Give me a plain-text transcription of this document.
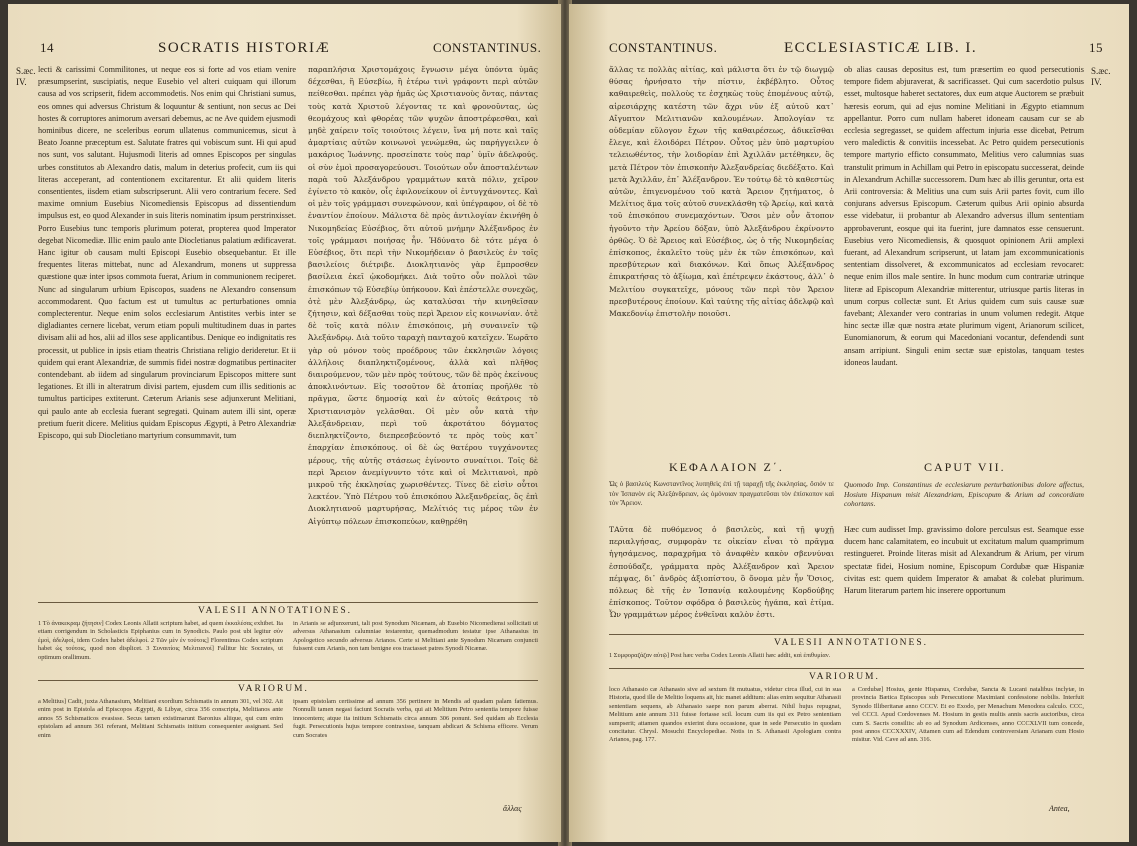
14	SOCRATIS HISTORIÆ	CONSTANTINUS.
S.æc.
IV.

lecti & carissimi Commilitones, ut neque eos si forte ad vos etiam venire præsumpserint, suscipiatis, neque Eusebio vel alteri cuiquam qui illorum causa ad vos scripserit, fidem accommodetis. Nos enim qui Christiani sumus, eos omnes qui adversus Christum & loquuntur & sentiunt, non secus ac Dei hostes & corruptores animorum aversari debemus, ac ne Ave quidem ejusmodi hominibus dicere, ne sceleribus eorum ullatenus communicemus, sicut à Beato Joanne præceptum est. Salutate fratres qui vobiscum sunt. Hi qui apud nos sunt, vos salutant. Hujusmodi literis ad omnes Episcopos per singulas urbes constitutos ab Alexandro datis, malum in deterius profecit, cum iis qui literas acceperant, ad contentionem excitarentur. Et alii quidem literis consentientes, iisdem etiam subscripserunt. Alii vero contrarium fecere. Sed maxime omnium Eusebius Nicomediensis Episcopus ad dissentiendum impulsus est, eo quod Alexander in suis literis nominatim ipsum perstrinxisset. Porro Eusebius tunc temporis plurimum poterat, propterea quod Imperator degebat Nicomediæ. Illic enim paulo ante Diocletianus palatium ædificaverat. Hanc igitur ob causam multi Episcopi Eusebio obsequebantur. Et ille frequentes literas mittebat, nunc ad Alexandrum, monens ut suppressa quæstione quæ inter ipsos commota fuerat, Arium in communionem reciperet. Nunc ad singularum urbium Episcopos, suadens ne Alexandro consensum accommodarent. Quo factum est ut tumultus ac perturbationes omnia complecterentur. Neque enim solos ecclesiarum Antistites verbis inter se digladiantes cernere licebat, verum etiam populi multitudinem duas in partes divisam alii ad hos, alii ad illos sese applicantibus. Denique eo indignitatis res processit, ut publice in ipsis etiam theatris Christiana religio derideretur. Et ii quidem qui erant Alexandriæ, de summis fidei nostræ dogmatibus pertinaciter contendebant. ab iidem ad singularum provinciarum Episcopos mittere sunt legationes. Et illi in alteratrum divisi partem, ejusdem cum illis seditionis ac tumultus participes extiterunt. Cæterum Arianis sese adjunxerunt Melitiani, qui paulo ante ab ecclesia fuerant segregati. Quinam autem illi sint, operæ pretium fuerit dicere. Melitius quidam Episcopus Ægypti, à Petro Alexandriæ Episcopo, qui sub Diocletiano martyrium consummavit, tum

παραπλήσια Χριστομάχοις ἔγνωσιν μέγα ὑπόντα ὑμᾶς δέχεσθαι, ἢ Εὐσεβίω, ἢ ἑτέρω τινὶ γράφοντι περὶ αὐτῶν πείθεσθαι. πρέπει γὰρ ἡμᾶς ὡς Χριστιανοὺς ὄντας, πάντας τοὺς κατὰ Χριστοῦ λέγοντας τε καὶ φρονοῦντας, ὡς θεομάχους καὶ φθορέας τῶν ψυχῶν ἀποστρέφεσθαι, καὶ μηδὲ χαίρειν τοῖς τοιούτοις λέγειν, ἵνα μή ποτε καὶ ταῖς ἁμαρτίαις αὐτῶν κοινωνοὶ γενώμεθα, ὡς παρήγγειλεν ὁ μακάριος Ἰωάννης. προσείπατε τοὺς παρ᾽ ὑμῖν ἀδελφούς. οἱ σὺν ἐμοὶ προσαγορεύουσι. Τοιούτων οὖν ἀποσταλέντων παρὰ τοῦ Ἀλεξάνδρου γραμμάτων κατὰ πόλιν, χεῖρον ἐγίνετο τὸ κακὸν, οἷς ἐφιλονείκουν οἱ ἐντυγχάνοντες. Καὶ οἱ μὲν τοῖς γράμμασι συνεφώνουν, καὶ ὑπέγραφον, οἱ δὲ τὸ ἐναντίον ἐποίουν. Μάλιστα δὲ πρὸς ἀντιλογίαν ἐκινήθη ὁ Νικομηδείας Εὐσέβιος, ὅτι αὐτοῦ μνήμην Ἀλέξανδρος ἐν τοῖς γράμμασι ποιήσας ἦν. Ἠδύνατο δὲ τότε μέγα ὁ Εὐσέβιος, ὅτι περὶ τὴν Νικομήδειαν ὁ βασιλεὺς ἐν τοῖς βασιλείοις διέτριβε. Διοκλητιανὸς γὰρ ἔμπροσθεν βασίλεια ἐκεῖ ᾠκοδομήκει. Διὰ τοῦτο οὖν πολλοὶ τῶν ἐπισκόπων τῷ Εὐσεβίῳ ὑπήκουον. Καὶ ἐπέστελλε συνεχῶς, ὁτὲ μὲν Ἀλεξάνδρῳ, ὡς καταλύσαι τὴν κινηθεῖσαν ζήτησιν, καὶ δέξασθαι τοὺς περὶ Ἄρειον εἰς κοινωνίαν. ὁτὲ δὲ τοῖς κατὰ πόλιν ἐπισκόποις, μὴ συναινεῖν τῷ Ἀλεξάνδρῳ. Διὰ τοῦτο ταραχὴ πανταχοῦ κατεῖχεν. Ἑωρᾶτο γὰρ οὐ μόνον τοὺς προέδρους τῶν ἐκκλησιῶν λόγοις ἀλλήλοις διαπληκτιζομένους, ἀλλὰ καὶ πλῆθος διαιρούμενον, τῶν μὲν πρὸς τούτους, τῶν δὲ πρὸς ἐκείνους ἀποκλινόντων. Εἰς τοσοῦτον δὲ ἀτοπίας προῆλθε τὸ πρᾶγμα, ὥστε δημοσίᾳ καὶ ἐν αὐτοῖς θεάτροις τὸ Χριστιανισμὸν γελᾶσθαι. Οἱ μὲν οὖν κατὰ τὴν Ἀλεξάνδρειαν, περὶ τοῦ ἀκροτάτου δόγματος διεπληκτίζοντο, διεπρεσβεύοντό τε πρὸς τοὺς κατ᾽ ἐπαρχίαν ἐπισκόπους. οἱ δὲ ὡς θατέρου τυγχάνοντες μέρους, τῆς αὐτῆς στάσεως ἐγίνοντο συναίτιοι. Τοῖς δὲ περὶ Ἄρειον ἀνεμίγνυντο τότε καὶ οἱ Μελιτιανοὶ, πρὸ μικροῦ τῆς ἐκκλησίας χωρισθέντες. Τίνες δὲ εἰσὶν οὗτοι λεκτέον. Ὑπὸ Πέτρου τοῦ ἐπισκόπου Ἀλεξανδρείας, ὃς ἐπὶ Διοκλητιανοῦ μαρτυρήσας, Μελίτιός τις μέρος τῶν ἐν Αἰγύπτῳ πόλεων ἐπισκοπεύων, καθῃρέθη

VALESII ANNOTATIONES.
1 Τὸ ἀνακεκραμ ζήτησιν] Codex Leonis Allatii scriptum habet, ad quem ἐκκαλέσας exhibet. Ita etiam corrigendum in Scholasticis Epiphanius cum in Synodicis. Paulo post ubi legitur σὺν ἐμοὶ, ἀδελφοὶ, idem Codex habet ἀδελφοί. 2 Τῶν μὲν ἐν τούτοις] Florentinus Codex scriptum habet ὡς τούτοις, quod non displicet. 3 Συναιτίοις Μελιτιανοί] Fallitur hic Socrates, ut optimum orallimum.
in Arianis se adjunxerunt, tali post Synodum Nicænam, ab Eusebio Nicomediensi sollicitati ut adversus Athanasium calumniae testarentur, quemadmodum testatur ipse Athanasius in Apologetico secundo adversus Arianos. Certe si Melitiani ante Synodum Nicænam conjuncti fuissent cum Arianis, non tam benigne eos tractasset patres Synodi Nicænæ.
VARIORUM.
a Melitius] Cadit, juxta Athanasium, Melitiani exordium Schismatis in annum 301, vel 302. Ait enim post in Epistola ad Episcopos Ægypti, & Libyæ, circa 356 conscripta, Melitianos ante annos 55 Schismaticos evasisse. Secus tamen existimarunt Baronius aliique, qui cum enim epistolam ad annum 361 referant, Melitiani Schismatis initium consequenter assignant. Sed enim
ipsam epistolam certissime ad annum 356 pertinere in Mendis ad quadam palam fatiemus. Nonnulli tamen negasi faciunt Socratis verba, qui ait Melitium Petro sententia tempore fuisse innocentem; atque ita initium Schismatis circa annum 306 ponunt. Sed quidam ab Ecclesia fugit. Persecutionis hujus tempore contraxisse, tanquam abdicari & Schisma efficere. Verum cum Socrates
ἄλλας
CONSTANTINUS.	ECCLESIASTICÆ LIB. I.	15
S.æc.
IV.

ἄλλας τε πολλὰς αἰτίας, καὶ μάλιστα ὅτι ἐν τῷ διωγμῷ θύσας ἠρνήσατο τὴν πίστιν, ἐκβέβλητο. Οὗτος καθαιρεθεὶς, πολλοὺς τε ἐσχηκὼς τοὺς ἑπομένους αὐτῷ, αἱρεσιάρχης κατέστη τῶν ἄχρι νῦν ἐξ αὐτοῦ κατ᾽ Αἴγυπτον Μελιτιανῶν καλουμένων. Ἀπολογίαν τε οὐδεμίαν εὔλογον ἔχων τῆς καθαιρέσεως, ἀδικεῖσθαι ἔλεγε, καὶ ἐλοιδόρει Πέτρον. Οὗτος μὲν ὑπὸ μαρτυρίου τελειωθέντος, τὴν λοιδορίαν ἐπὶ Ἀχιλλᾶν μετέθηκεν, ὃς μετὰ Πέτρον τὸν ἐπισκοπὴν Ἀλεξανδρείας διεδέξατο. Καὶ μετὰ Ἀχιλλᾶν, ἐπ᾽ Ἀλέξανδρον. Ἐν τούτῳ δὲ τὸ καθεστὼς αὐτῶν, ἐπιγενομένου τοῦ κατὰ Ἄρειον ζητήματος, ὁ Μελίτιος ἅμα τοῖς αὐτοῦ συνεκλάσθη τῷ Ἀρείῳ, καὶ κατὰ τοῦ ἐπισκόπου συνεμαχόντων. Ὅσοι μὲν οὖν ἄτοπον ἡγοῦντο τὴν Ἀρείου δόξαν, ὑπὸ Ἀλεξάνδρου ἐκρίνοντο ὀρθῶς. Ὁ δὲ Ἄρειος καὶ Εὐσέβιος, ὡς ὁ τῆς Νικομηδείας ἐπίσκοπος, ἐκαλεῖτο τοὺς μὲν ἐκ τῶν ἐπισκόπων, καὶ πρεσβύτερων καὶ διακόνων. Καὶ ὅπως Ἀλέξανδρος ἐπικρατήσας τὸ ἀξίωμα, καὶ ἐπέτρεψεν ἑκάστους, ἀλλ᾽ ὁ Μελιτίου συγκατεῖχε, μόνους τῶν περὶ τὸν Ἄρειον πρεσβυτέρους ἐποίουν. Καὶ ταύτης τῆς αἰτίας ἀδελφῷ καὶ Μακεδονίῳ ἐπιστολὴν ποιοῦσι.

ob alias causas depositus est, tum præsertim eo quod persecutionis tempore fidem abjuraverat, & sacrificasset. Qui cum sacerdotio pulsus esset, multosque haberet sectatores, dux eum atque Auctorem se præbuit hæresis eorum, qui ad ejus nomine Melitiani in Ægypto etiamnum appellantur. Porro cum nullam haberet idoneam causam cur se ab ecclesia segregasset, se quidem affectum injuria esse dicebat, Petrum vero maledictis & convitiis incessebat. Ac Petro quidem persecutionis tempore martyrio efficto consummato, Melitius vero calumnias suas transtulit primum in Achillam qui Petro in episcopatu successerat, deinde in Alexandrum Achillæ successorem. Dum hæc ab illis geruntur, orta est Arii controversia: & Melitius una cum suis Arii partes fovit, cum illo conjurans adversus Episcopum. Cæterum quibus Arii opinio absurda esse videbatur, ii probantur ab Alexandro adversus illum sententiam approbaverunt, eosque qui ita fuerint, jure damnatos esse censuerunt. Eusebius vero Nicomediensis, & quosquot opinionem Arii amplexi fuerant, ad Alexandrum scripserunt, ut latam jam excommunicationis sententiam dissolveret, & excommunicatos ad ecclesiam revocaret: neque enim illos male sentire. In hunc modum cum contrariæ utrinque literæ ad Episcopum Alexandriæ mitterentur, utriusque partis literas in unum corpus collectæ sunt. Et Arius quidem cum suis causæ suæ favebant; Alexander vero contrarias in unum volumen redegit. Atque hinc sectæ illæ quæ nostra ætate plurimum vigent, Arianorum scilicet, Eunomianorum, & eorum qui Macedoniani vocantur, defendendi sunt ansam arripiunt. Singuli enim sectæ suæ epistolas, tanquam testes idoneos laudant.

ΚΕΦΑΛΑΙΟΝ Ζ΄.	CAPUT VII.
Ὡς ὁ βασιλεὺς Κωνσταντῖνος λυπηθεὶς ἐπὶ τῇ ταραχῇ τῆς ἐκκλησίας, ὅσιόν τε τὸν Ἱσπανὸν εἰς Ἀλεξάνδρειαν, ὡς ὁμόνοιαν πραγματεῦσαι τὸν ἐπίσκοπον καὶ τὸν Ἄρειον.
Quomodo Imp. Constantinus de ecclesiarum perturbationibus dolore affectus, Hosium Hispanum misit Alexandriam, Episcopum & Arium ad concordiam cohortans.

ΤΑῦτα δὲ πυθόμενος ὁ βασιλεὺς, καὶ τῇ ψυχῇ περιαλγήσας, συμφορὰν τε οἰκείαν εἶναι τὸ πρᾶγμα ἡγησάμενος, παραχρῆμα τὸ ἀναφθὲν κακὸν σβεννύναι ἐσπούδαζε, γράμματα πρὸς Ἀλέξανδρον καὶ Ἄρειον πέμψας, δι᾽ ἀνδρὸς ἀξιοπίστου, ὃ ὄνομα μὲν ἦν Ὅσιος, πόλεως δὲ τῆς ἐν Ἱσπανίᾳ καλουμένης Κορδούβης ἐπίσκοπος. Τοῦτον σφόδρα ὁ βασιλεὺς ἠγάπα, καὶ ἐτίμα. Ὧν γραμμάτων μέρος ἐνθεῖναι καλὸν ἐστι.

Hæc cum audisset Imp. gravissimo dolore perculsus est. Seamque esse ducem hanc calamitatem, eo incubuit ut excitatum malum quamprimum restingueret. Proinde literas misit ad Alexandrum & Arium, per virum spectatæ fidei, Hosium nomine, Episcopum Cordubæ quæ Hispaniæ civitas est: quem quidem Imperator & amabat & colebat plurimum. Harum literarum partem hic inserere opportunum

VALESII ANNOTATIONES.
1 Συμφοραζάζαν αὐτῷ] Post hæc verba Codex Leonis Allatii hæc addit, καὶ ἐπιθυμίαν.
VARIORUM.
loco Athanasio cæ Athanasio sive ad sextum fit mutuatus, videtur circa illud, cui in sua Historia, quod ille de Melitio loquens ait, hic manet additum: alias enim sequitur Athanasii sententiam sequens, ab Athanasio saepe non parum aberrat. Nihil hujus repugnat, Melitium ante annum 311 fuisse fortasse scil. locum cum iis qui ex Petro sententiam sumpserit; attamen quandos exierint dura occasione, quæ in sede Persecutio in quodam concitatur. Chrysl. Mosuchi Encyclopediae. Notis in S. Athanasii Apologiam contra Arianos, pag. 177.
a Cordubæ] Hosius, gente Hispanus, Cordubæ, Sancta & Lucani natalibus inclytæ, in provincia Bætica Episcopus sub Persecutione Maximiani confessione nobilis. Interfuit Synodo Illiberitanæ anno CCCV. Et eo Exodo, per Menachum Menodora calculo. CCC, vel CCCI. Apud Cordovenses M. Hosium in gestis multis annis sacris auctoribus, circa cum S. Sacris consiliis: ab eo ad Synodum Ardicenses, anno CCCXLVII tum concede, post annos CCCXXXIV, Attamen cum ad Edendum controversiam Arianam cum Hosio misitur. Vid. Cave ad ann. 316.
Antea,
